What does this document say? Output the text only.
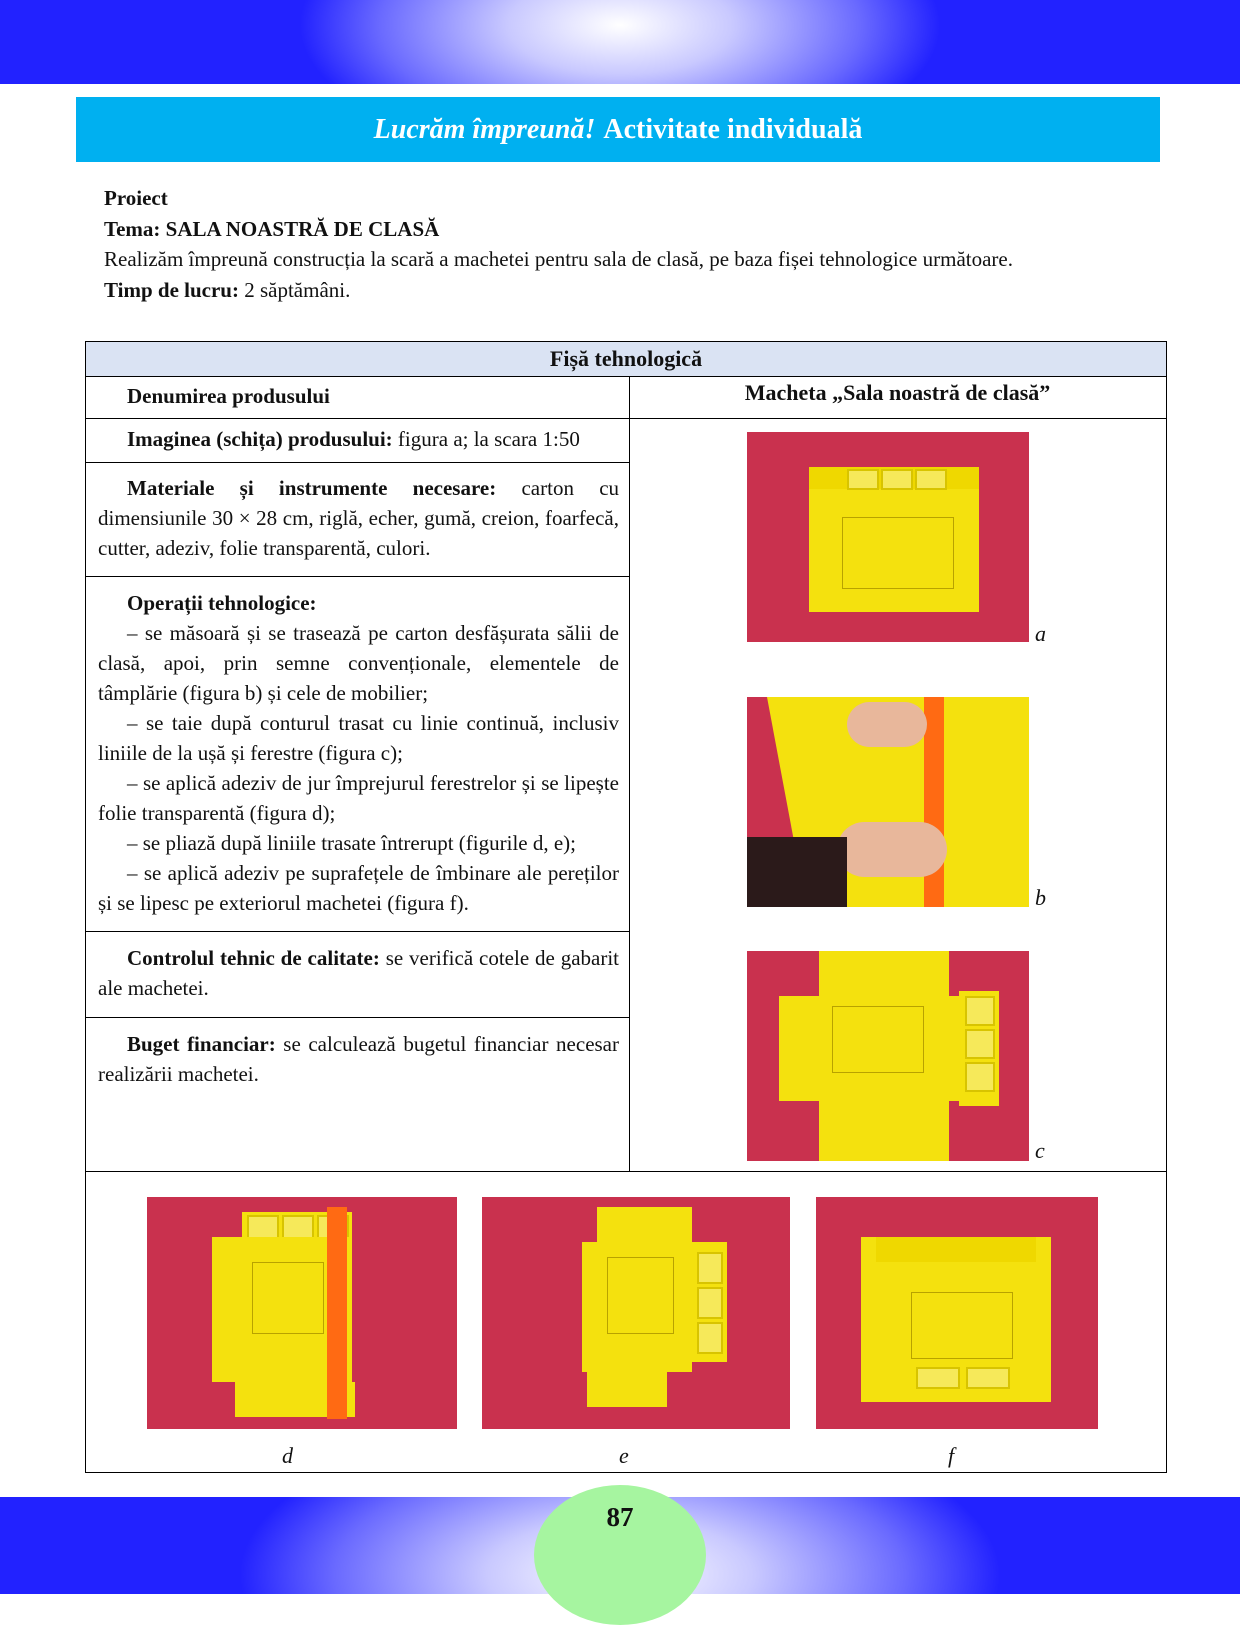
Lucrăm împreună! Activitate individuală
Proiect
Tema: SALA NOASTRĂ DE CLASĂ
Realizăm împreună construcția la scară a machetei pentru sala de clasă, pe baza fișei tehnologice următoare.
Timp de lucru: 2 săptămâni.
Fișă tehnologică
Denumirea produsului	Macheta „Sala noastră de clasă”
Imaginea (schița) produsului: figura a; la scara 1:50
Materiale și instrumente necesare: carton cu dimensiunile 30 × 28 cm, riglă, echer, gumă, creion, foarfecă, cutter, adeziv, folie transparentă, culori.
Operații tehnologice:
– se măsoară și se trasează pe carton desfășurata sălii de clasă, apoi, prin semne convenționale, elementele de tâmplărie (figura b) și cele de mobilier;
– se taie după conturul trasat cu linie continuă, inclusiv liniile de la ușă și ferestre (figura c);
– se aplică adeziv de jur împrejurul ferestrelor și se lipește folie transparentă (figura d);
– se pliază după liniile trasate întrerupt (figurile d, e);
– se aplică adeziv pe suprafețele de îmbinare ale pereților și se lipesc pe exteriorul machetei (figura f).
Controlul tehnic de calitate: se verifică cotele de gabarit ale machetei.
Buget financiar: se calculează bugetul financiar necesar realizării machetei.
a
b
c
d	e	f
87
